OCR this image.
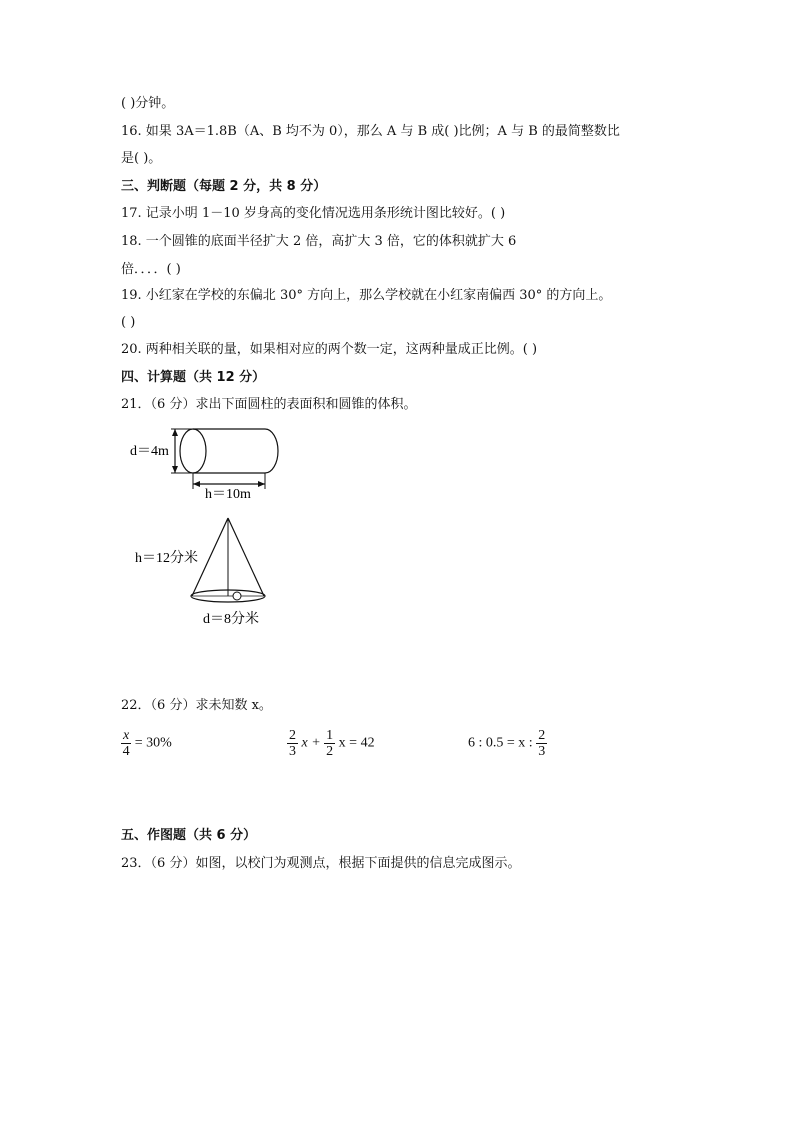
( )分钟。
16. 如果 3A＝1.8B（A、B 均不为 0），那么 A 与 B 成( )比例；A 与 B 的最简整数比
是( )。
三、判断题（每题 2 分，共 8 分）
17. 记录小明 1－10 岁身高的变化情况选用条形统计图比较好。( )
18. 一个圆锥的底面半径扩大 2 倍，高扩大 3 倍，它的体积就扩大 6
倍．．．．( )
19. 小红家在学校的东偏北 30° 方向上，那么学校就在小红家南偏西 30° 的方向上。
( )
20. 两种相关联的量，如果相对应的两个数一定，这两种量成正比例。( )
四、计算题（共 12 分）
21．（6 分）求出下面圆柱的表面积和圆锥的体积。
d＝4m
h＝10m
h＝12分米
d＝8分米
22．（6 分）求未知数 x。
$\frac{x}{4} = 30\%$	$\frac{2}{3}$ $x + \frac{1}{2}$ x = 42	6 : 0.5 = x : $\frac{2}{3}$
五、作图题（共 6 分）
23．（6 分）如图，以校门为观测点，根据下面提供的信息完成图示。
